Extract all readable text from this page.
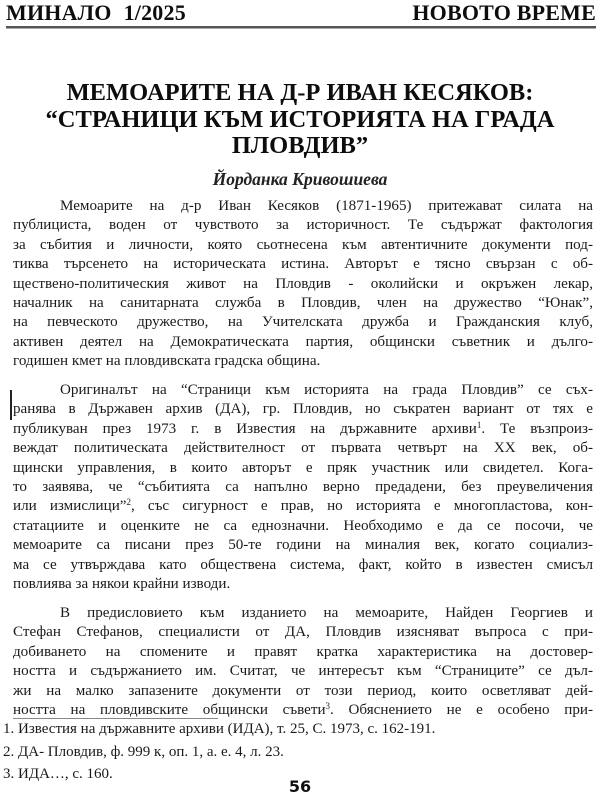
МИНАЛО 1/2025	НОВОТО ВРЕМЕ
МЕМОАРИТЕ НА Д-Р ИВАН КЕСЯКОВ:
“СТРАНИЦИ КЪМ ИСТОРИЯТА НА ГРАДА
ПЛОВДИВ”
Йорданка Кривошиева
Мемоарите на д-р Иван Кесяков (1871-1965) притежават силата на
публициста, воден от чувството за историчност. Те съдържат фактология
за събития и личности, която сьотнесена към автентичните документи под-
тиква търсенето на историческата истина. Авторът е тясно свързан с об-
ществено-политическия живот на Пловдив - околийски и окръжен лекар,
началник на санитарната служба в Пловдив, член на дружество “Юнак”,
на певческото дружество, на Учителската дружба и Гражданския клуб,
активен деятел на Демократическата партия, общински съветник и дълго-
годишен кмет на пловдивската градска община.
Оригиналът на “Страници към историята на града Пловдив” се съх-
ранява в Държавен архив (ДА), гр. Пловдив, но съкратен вариант от тях е
публикуван през 1973 г. в Известия на държавните архиви$^1$. Те възпроиз-
веждат политическата действителност от първата четвърт на XX век, об-
щински управления, в които авторът е пряк участник или свидетел. Кога-
то заявява, че “събитията са напълно верно предадени, без преувеличения
или измислици”$^2$, със сигурност е прав, но историята е многопластова, кон-
статациите и оценките не са еднозначни. Необходимо е да се посочи, че
мемоарите са писани през 50-те години на миналия век, когато социализ-
ма се утвърждава като обществена система, факт, който в известен смисъл
повлиява за някои крайни изводи.
В предисловието към изданието на мемоарите, Найден Георгиев и
Стефан Стефанов, специалисти от ДА, Пловдив изясняват въпроса с при-
добиването на спомените и правят кратка характеристика на достовер-
ността и съдържанието им. Считат, че интересът към “Страниците” се дъл-
жи на малко запазените документи от този период, които осветляват дей-
ността на пловдивските общински съвети$^3$. Обяснението не е особено при-
1. Известия на държавните архиви (ИДА), т. 25, С. 1973, с. 162-191.
2. ДА- Пловдив, ф. 999 к, оп. 1, а. е. 4, л. 23.
3. ИДА…, с. 160.
56
